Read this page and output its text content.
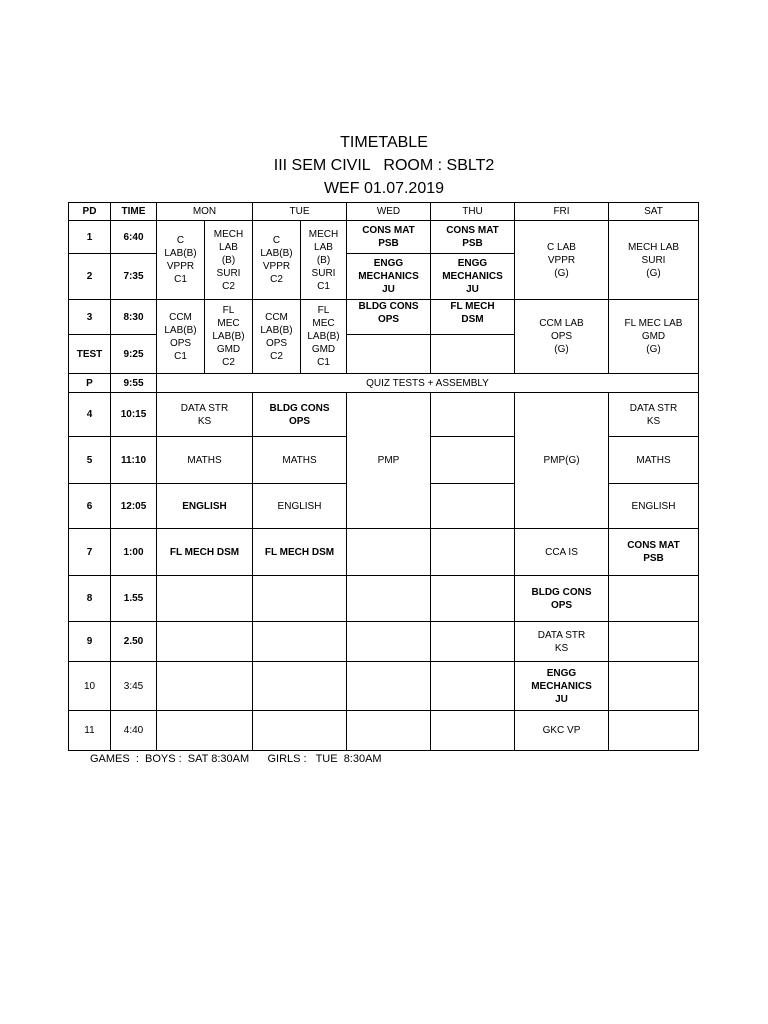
TIMETABLE
III SEM CIVIL   ROOM : SBLT2
WEF 01.07.2019
PD	TIME	MON		TUE		WED	THU	FRI	SAT
1	6:40	C
LAB(B)
VPPR
C1	MECH
LAB
(B)
SURI
C2	C
LAB(B)
VPPR
C2	MECH
LAB
(B)
SURI
C1	CONS MAT
PSB	CONS MAT
PSB	C LAB
VPPR
(G)	MECH LAB
SURI
(G)

2	7:35					ENGG
MECHANICS
JU	ENGG
MECHANICS
JU		

3	8:30	CCM
LAB(B)
OPS
C1	FL
MEC
LAB(B)
GMD
C2	CCM
LAB(B)
OPS
C2	FL
MEC
LAB(B)
GMD
C1	BLDG CONS
OPS	FL MECH
DSM	CCM LAB
OPS
(G)	FL MEC LAB
GMD
(G)

TEST	9:25								
P	9:55	QUIZ TESTS + ASSEMBLY							

4	10:15	DATA STR
KS		BLDG CONS
OPS		PMP		PMP(G)	DATA STR
KS

5	11:10	MATHS		MATHS					MATHS

6	12:05	ENGLISH		ENGLISH					ENGLISH

7	1:00	FL MECH DSM		FL MECH DSM				CCA IS	CONS MAT
PSB

8	1.55							BLDG CONS
OPS	

9	2.50							DATA STR
KS	

10	3:45							ENGG
MECHANICS
JU	

11	4:40							GKC VP	

GAMES  :  BOYS :  SAT 8:30AM      GIRLS :   TUE  8:30AM
